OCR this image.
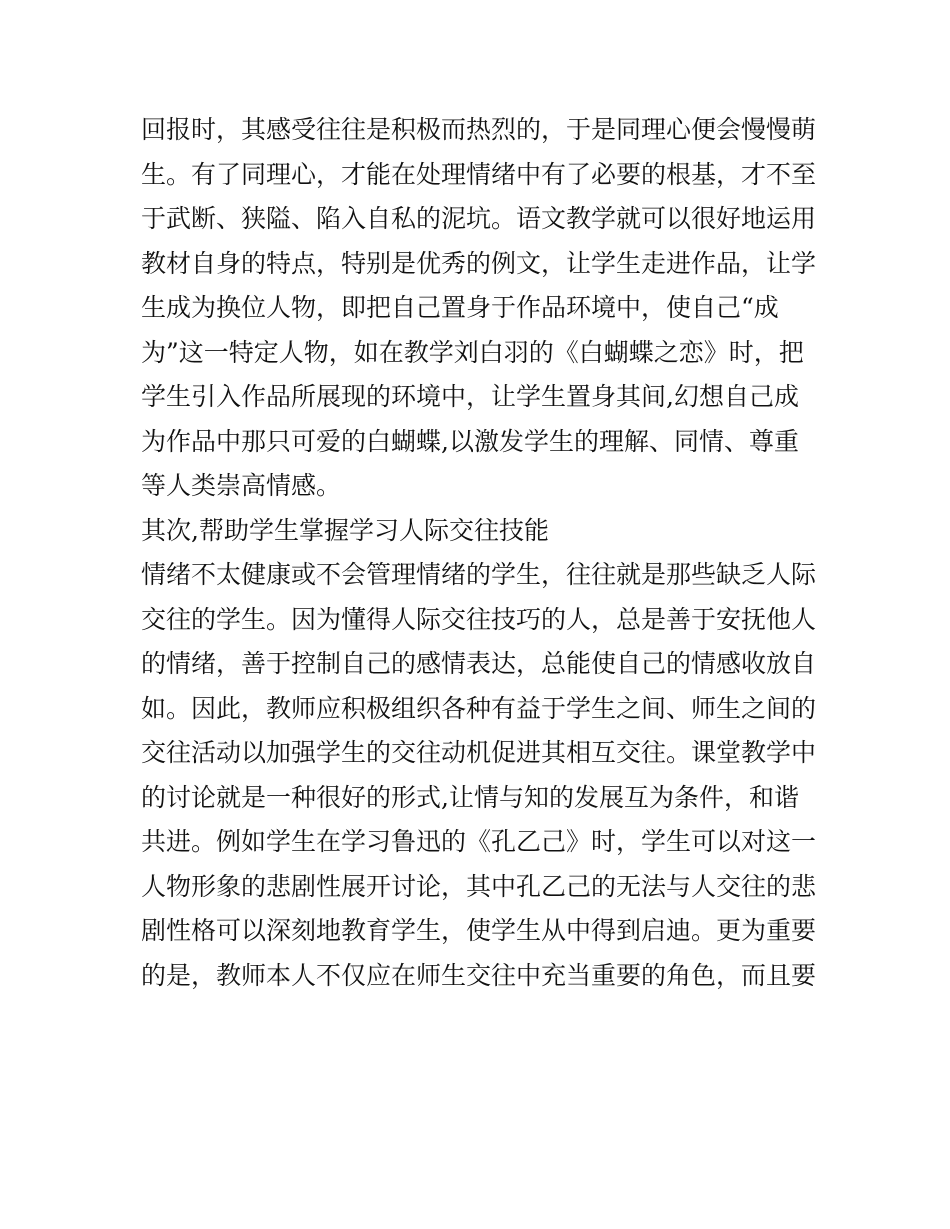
回报时，其感受往往是积极而热烈的，于是同理心便会慢慢萌
生。有了同理心，才能在处理情绪中有了必要的根基，才不至
于武断、狭隘、陷入自私的泥坑。语文教学就可以很好地运用
教材自身的特点，特别是优秀的例文，让学生走进作品，让学
生成为换位人物，即把自己置身于作品环境中，使自己“成
为”这一特定人物，如在教学刘白羽的《白蝴蝶之恋》时，把
学生引入作品所展现的环境中，让学生置身其间,幻想自己成
为作品中那只可爱的白蝴蝶,以激发学生的理解、同情、尊重
等人类崇高情感。
其次,帮助学生掌握学习人际交往技能
情绪不太健康或不会管理情绪的学生，往往就是那些缺乏人际
交往的学生。因为懂得人际交往技巧的人，总是善于安抚他人
的情绪，善于控制自己的感情表达，总能使自己的情感收放自
如。因此，教师应积极组织各种有益于学生之间、师生之间的
交往活动以加强学生的交往动机促进其相互交往。课堂教学中
的讨论就是一种很好的形式,让情与知的发展互为条件，和谐
共进。例如学生在学习鲁迅的《孔乙己》时，学生可以对这一
人物形象的悲剧性展开讨论，其中孔乙己的无法与人交往的悲
剧性格可以深刻地教育学生，使学生从中得到启迪。更为重要
的是，教师本人不仅应在师生交往中充当重要的角色，而且要
